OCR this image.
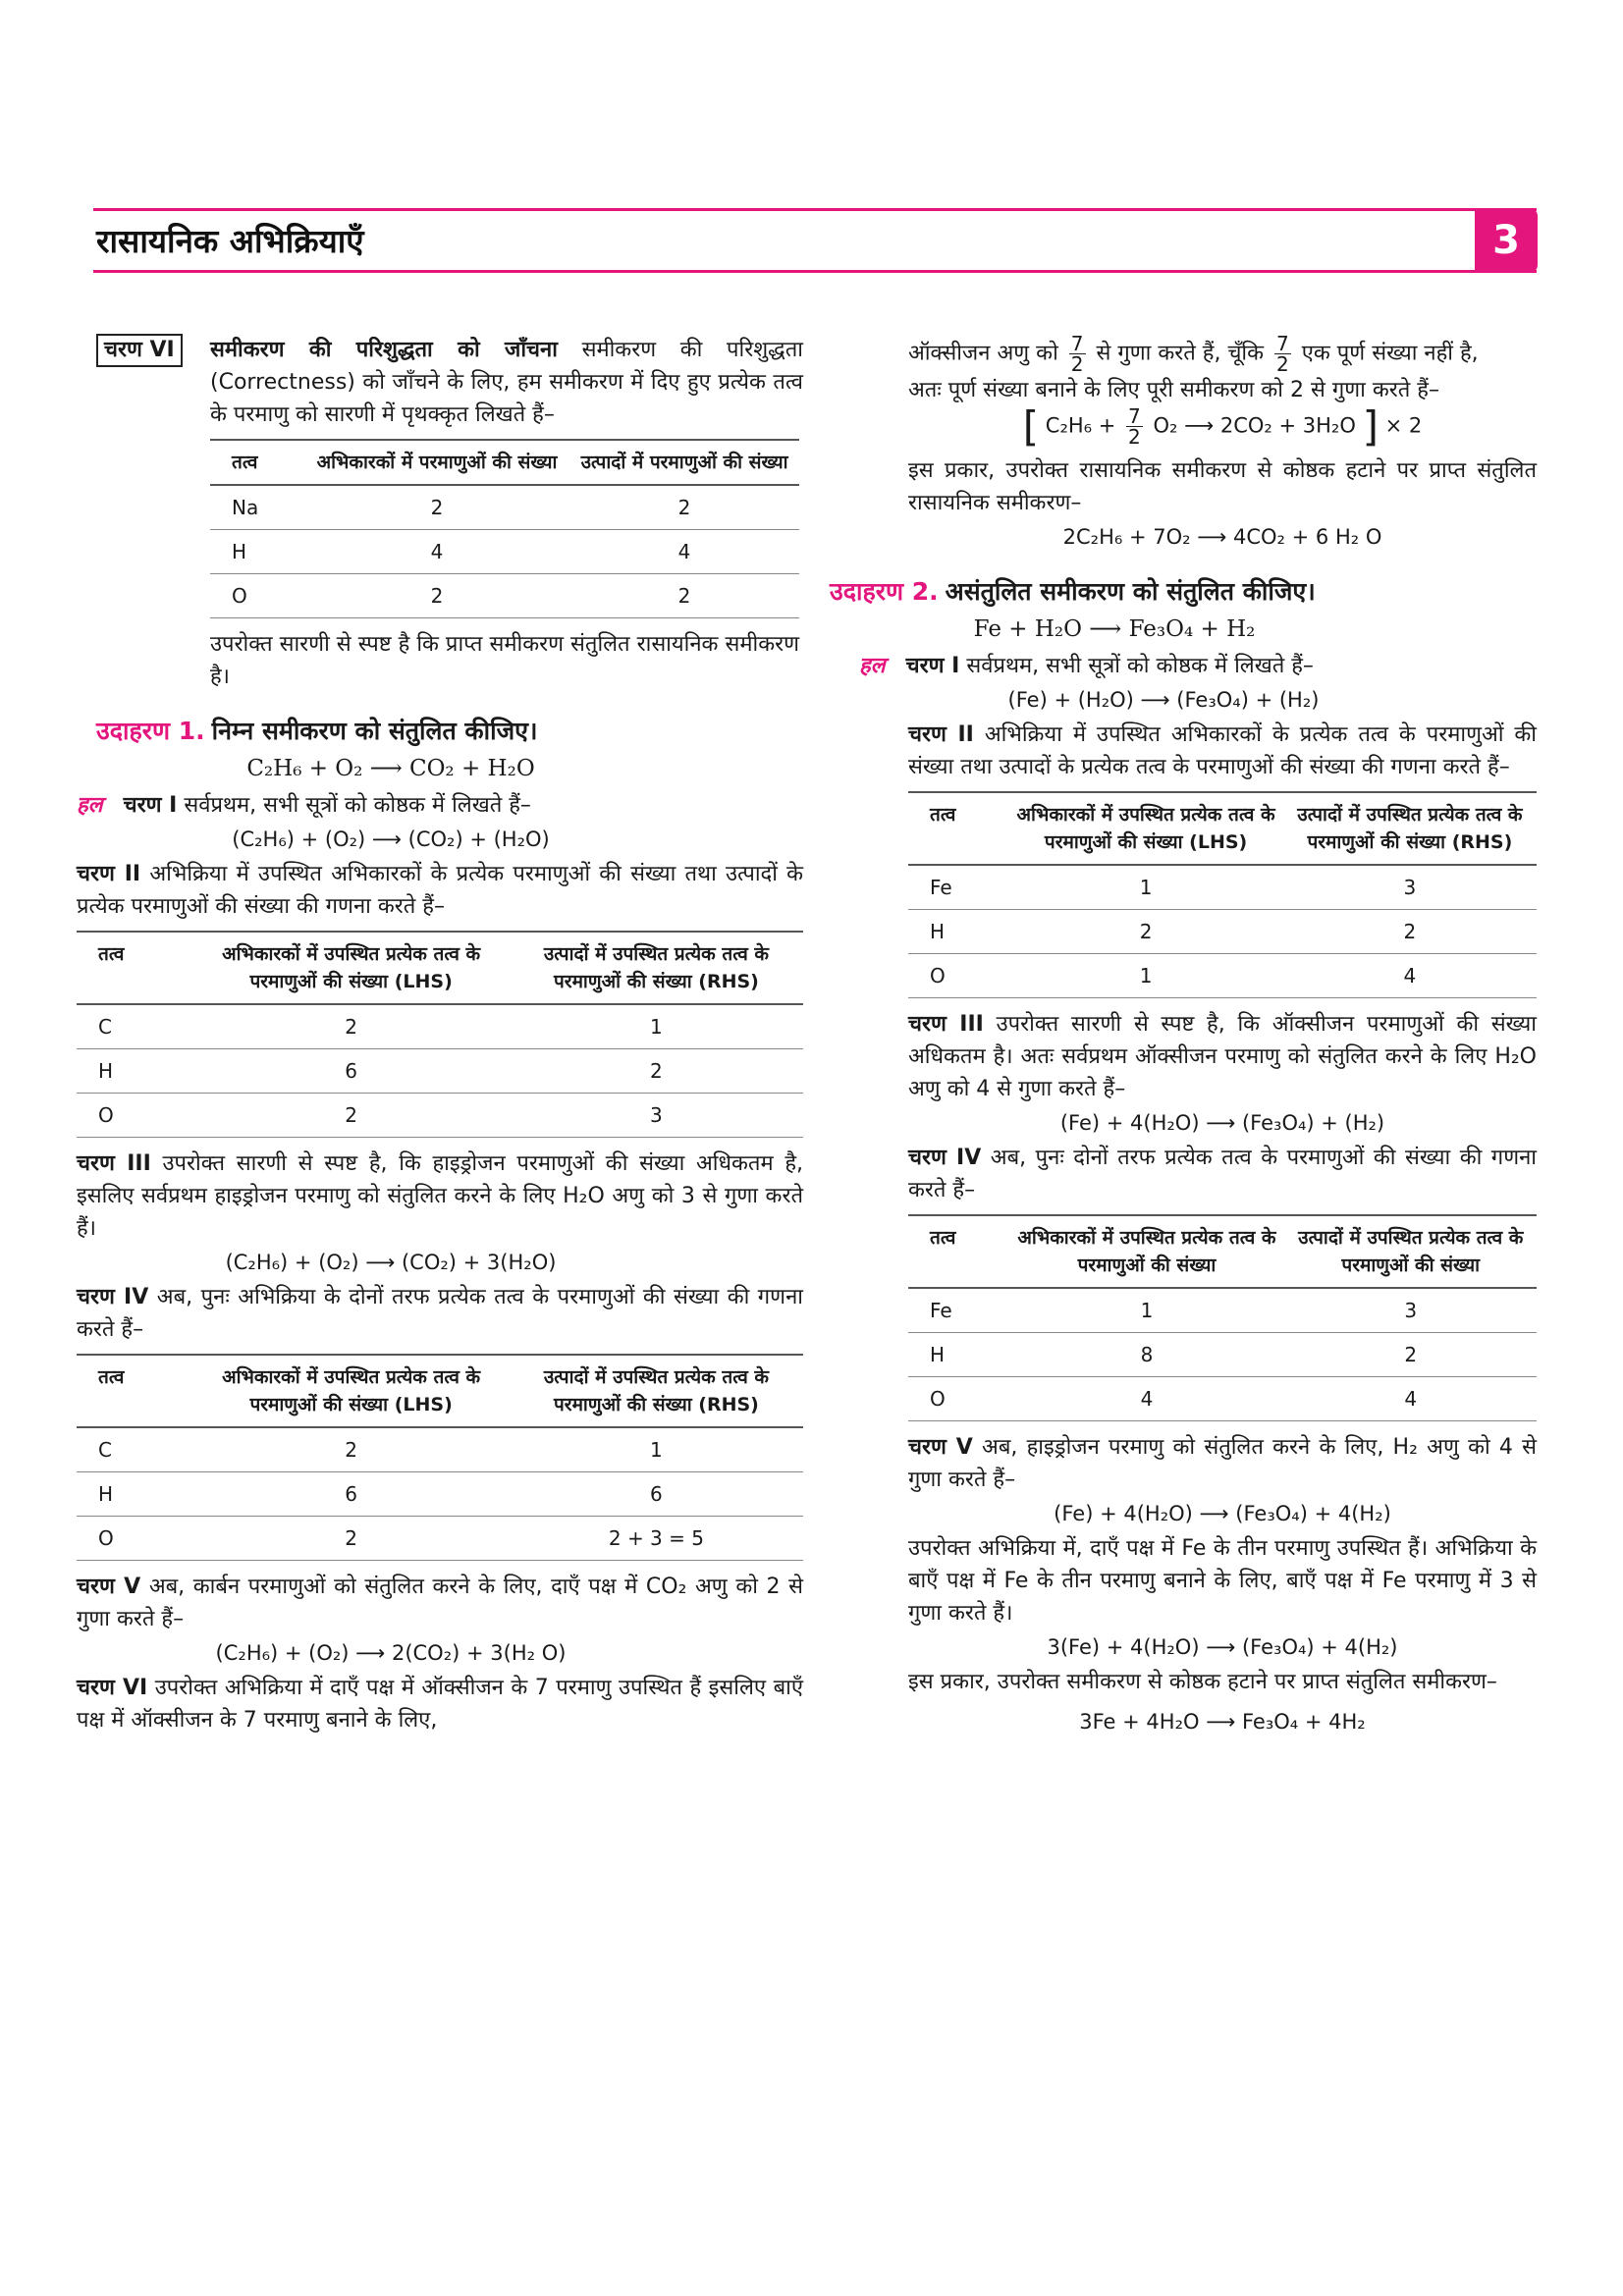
रासायनिक अभिक्रियाएँ	3
चरण VI	समीकरण की परिशुद्धता को जाँचना समीकरण की परिशुद्धता (Correctness) को जाँचने के लिए, हम समीकरण में दिए हुए प्रत्येक तत्व के परमाणु को सारणी में पृथक्कृत लिखते हैं–

तत्व	अभिकारकों में परमाणुओं की संख्या	उत्पादों में परमाणुओं की संख्या
Na	2	2
H	4	4
O	2	2

उपरोक्त सारणी से स्पष्ट है कि प्राप्त समीकरण संतुलित रासायनिक समीकरण है।

उदाहरण 1. निम्न समीकरण को संतुलित कीजिए।

C₂H₆ + O₂ ⟶ CO₂ + H₂O

हल चरण I सर्वप्रथम, सभी सूत्रों को कोष्ठक में लिखते हैं–

(C₂H₆) + (O₂) ⟶ (CO₂) + (H₂O)

चरण II अभिक्रिया में उपस्थित अभिकारकों के प्रत्येक परमाणुओं की संख्या तथा उत्पादों के प्रत्येक परमाणुओं की संख्या की गणना करते हैं–

तत्व	अभिकारकों में उपस्थित प्रत्येक तत्व के परमाणुओं की संख्या (LHS)	उत्पादों में उपस्थित प्रत्येक तत्व के परमाणुओं की संख्या (RHS)
C	2	1
H	6	2
O	2	3

चरण III उपरोक्त सारणी से स्पष्ट है, कि हाइड्रोजन परमाणुओं की संख्या अधिकतम है, इसलिए सर्वप्रथम हाइड्रोजन परमाणु को संतुलित करने के लिए H₂O अणु को 3 से गुणा करते हैं।

(C₂H₆) + (O₂) ⟶ (CO₂) + 3(H₂O)

चरण IV अब, पुनः अभिक्रिया के दोनों तरफ प्रत्येक तत्व के परमाणुओं की संख्या की गणना करते हैं–

तत्व	अभिकारकों में उपस्थित प्रत्येक तत्व के परमाणुओं की संख्या (LHS)	उत्पादों में उपस्थित प्रत्येक तत्व के परमाणुओं की संख्या (RHS)
C	2	1
H	6	6
O	2	2 + 3 = 5

चरण V अब, कार्बन परमाणुओं को संतुलित करने के लिए, दाएँ पक्ष में CO₂ अणु को 2 से गुणा करते हैं–

(C₂H₆) + (O₂) ⟶ 2(CO₂) + 3(H₂ O)

चरण VI उपरोक्त अभिक्रिया में दाएँ पक्ष में ऑक्सीजन के 7 परमाणु उपस्थित हैं इसलिए बाएँ पक्ष में ऑक्सीजन के 7 परमाणु बनाने के लिए,

ऑक्सीजन अणु को $\frac{7}{2}$ से गुणा करते हैं, चूँकि $\frac{7}{2}$ एक पूर्ण संख्या नहीं है,

अतः पूर्ण संख्या बनाने के लिए पूरी समीकरण को 2 से गुणा करते हैं–

[ $C_2H_6 + \frac{7}{2} O_2$ ⟶ 2CO₂ + 3H₂O ] × 2

इस प्रकार, उपरोक्त रासायनिक समीकरण से कोष्ठक हटाने पर प्राप्त संतुलित रासायनिक समीकरण–

2C₂H₆ + 7O₂ ⟶ 4CO₂ + 6 H₂ O

उदाहरण 2. असंतुलित समीकरण को संतुलित कीजिए।

Fe + H₂O ⟶ Fe₃O₄ + H₂

हल चरण I सर्वप्रथम, सभी सूत्रों को कोष्ठक में लिखते हैं–

(Fe) + (H₂O) ⟶ (Fe₃O₄) + (H₂)

चरण II अभिक्रिया में उपस्थित अभिकारकों के प्रत्येक तत्व के परमाणुओं की संख्या तथा उत्पादों के प्रत्येक तत्व के परमाणुओं की संख्या की गणना करते हैं–

तत्व	अभिकारकों में उपस्थित प्रत्येक तत्व के परमाणुओं की संख्या (LHS)	उत्पादों में उपस्थित प्रत्येक तत्व के परमाणुओं की संख्या (RHS)
Fe	1	3
H	2	2
O	1	4

चरण III उपरोक्त सारणी से स्पष्ट है, कि ऑक्सीजन परमाणुओं की संख्या अधिकतम है। अतः सर्वप्रथम ऑक्सीजन परमाणु को संतुलित करने के लिए H₂O अणु को 4 से गुणा करते हैं–

(Fe) + 4(H₂O) ⟶ (Fe₃O₄) + (H₂)

चरण IV अब, पुनः दोनों तरफ प्रत्येक तत्व के परमाणुओं की संख्या की गणना करते हैं–

तत्व	अभिकारकों में उपस्थित प्रत्येक तत्व के परमाणुओं की संख्या	उत्पादों में उपस्थित प्रत्येक तत्व के परमाणुओं की संख्या
Fe	1	3
H	8	2
O	4	4

चरण V अब, हाइड्रोजन परमाणु को संतुलित करने के लिए, H₂ अणु को 4 से गुणा करते हैं–

(Fe) + 4(H₂O) ⟶ (Fe₃O₄) + 4(H₂)

उपरोक्त अभिक्रिया में, दाएँ पक्ष में Fe के तीन परमाणु उपस्थित हैं। अभिक्रिया के बाएँ पक्ष में Fe के तीन परमाणु बनाने के लिए, बाएँ पक्ष में Fe परमाणु में 3 से गुणा करते हैं।

3(Fe) + 4(H₂O) ⟶ (Fe₃O₄) + 4(H₂)

इस प्रकार, उपरोक्त समीकरण से कोष्ठक हटाने पर प्राप्त संतुलित समीकरण–

3Fe + 4H₂O ⟶ Fe₃O₄ + 4H₂
